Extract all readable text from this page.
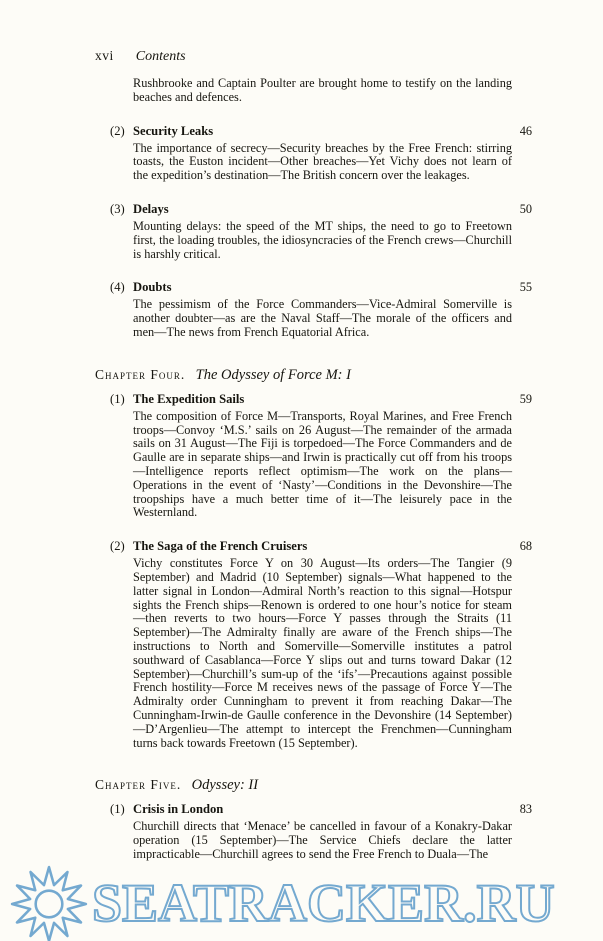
xvi Contents

Rushbrooke and Captain Poulter are brought home to testify on the landing beaches and defences.

(2) Security Leaks	46

The importance of secrecy—Security breaches by the Free French: stirring toasts, the Euston incident—Other breaches—Yet Vichy does not learn of the expedition’s destination—The British concern over the leakages.

(3) Delays	50

Mounting delays: the speed of the MT ships, the need to go to Freetown first, the loading troubles, the idiosyncracies of the French crews—Churchill is harshly critical.

(4) Doubts	55

The pessimism of the Force Commanders—Vice-Admiral Somerville is another doubter—as are the Naval Staff—The morale of the officers and men—The news from French Equatorial Africa.

Chapter Four. The Odyssey of Force M: I
(1) The Expedition Sails	59

The composition of Force M—Transports, Royal Marines, and Free French troops—Convoy ‘M.S.’ sails on 26 August—The remainder of the armada sails on 31 August—The Fiji is torpedoed—The Force Commanders and de Gaulle are in separate ships—and Irwin is practically cut off from his troops—Intelligence reports reflect optimism—The work on the plans—Operations in the event of ‘Nasty’—Conditions in the Devonshire—The troopships have a much better time of it—The leisurely pace in the Westernland.

(2) The Saga of the French Cruisers	68

Vichy constitutes Force Y on 30 August—Its orders—The Tangier (9 September) and Madrid (10 September) signals—What happened to the latter signal in London—Admiral North’s reaction to this signal—Hotspur sights the French ships—Renown is ordered to one hour’s notice for steam—then reverts to two hours—Force Y passes through the Straits (11 September)—The Admiralty finally are aware of the French ships—The instructions to North and Somerville—Somerville institutes a patrol southward of Casablanca—Force Y slips out and turns toward Dakar (12 September)—Churchill’s sum-up of the ‘ifs’—Precautions against possible French hostility—Force M receives news of the passage of Force Y—The Admiralty order Cunningham to prevent it from reaching Dakar—The Cunningham-Irwin-de Gaulle conference in the Devonshire (14 September)—D’Argenlieu—The attempt to intercept the Frenchmen—Cunningham turns back towards Freetown (15 September).

Chapter Five. Odyssey: II
(1) Crisis in London	83

Churchill directs that ‘Menace’ be cancelled in favour of a Konakry-Dakar operation (15 September)—The Service Chiefs declare the latter impracticable—Churchill agrees to send the Free French to Duala—The

SEATRACKER.RU
